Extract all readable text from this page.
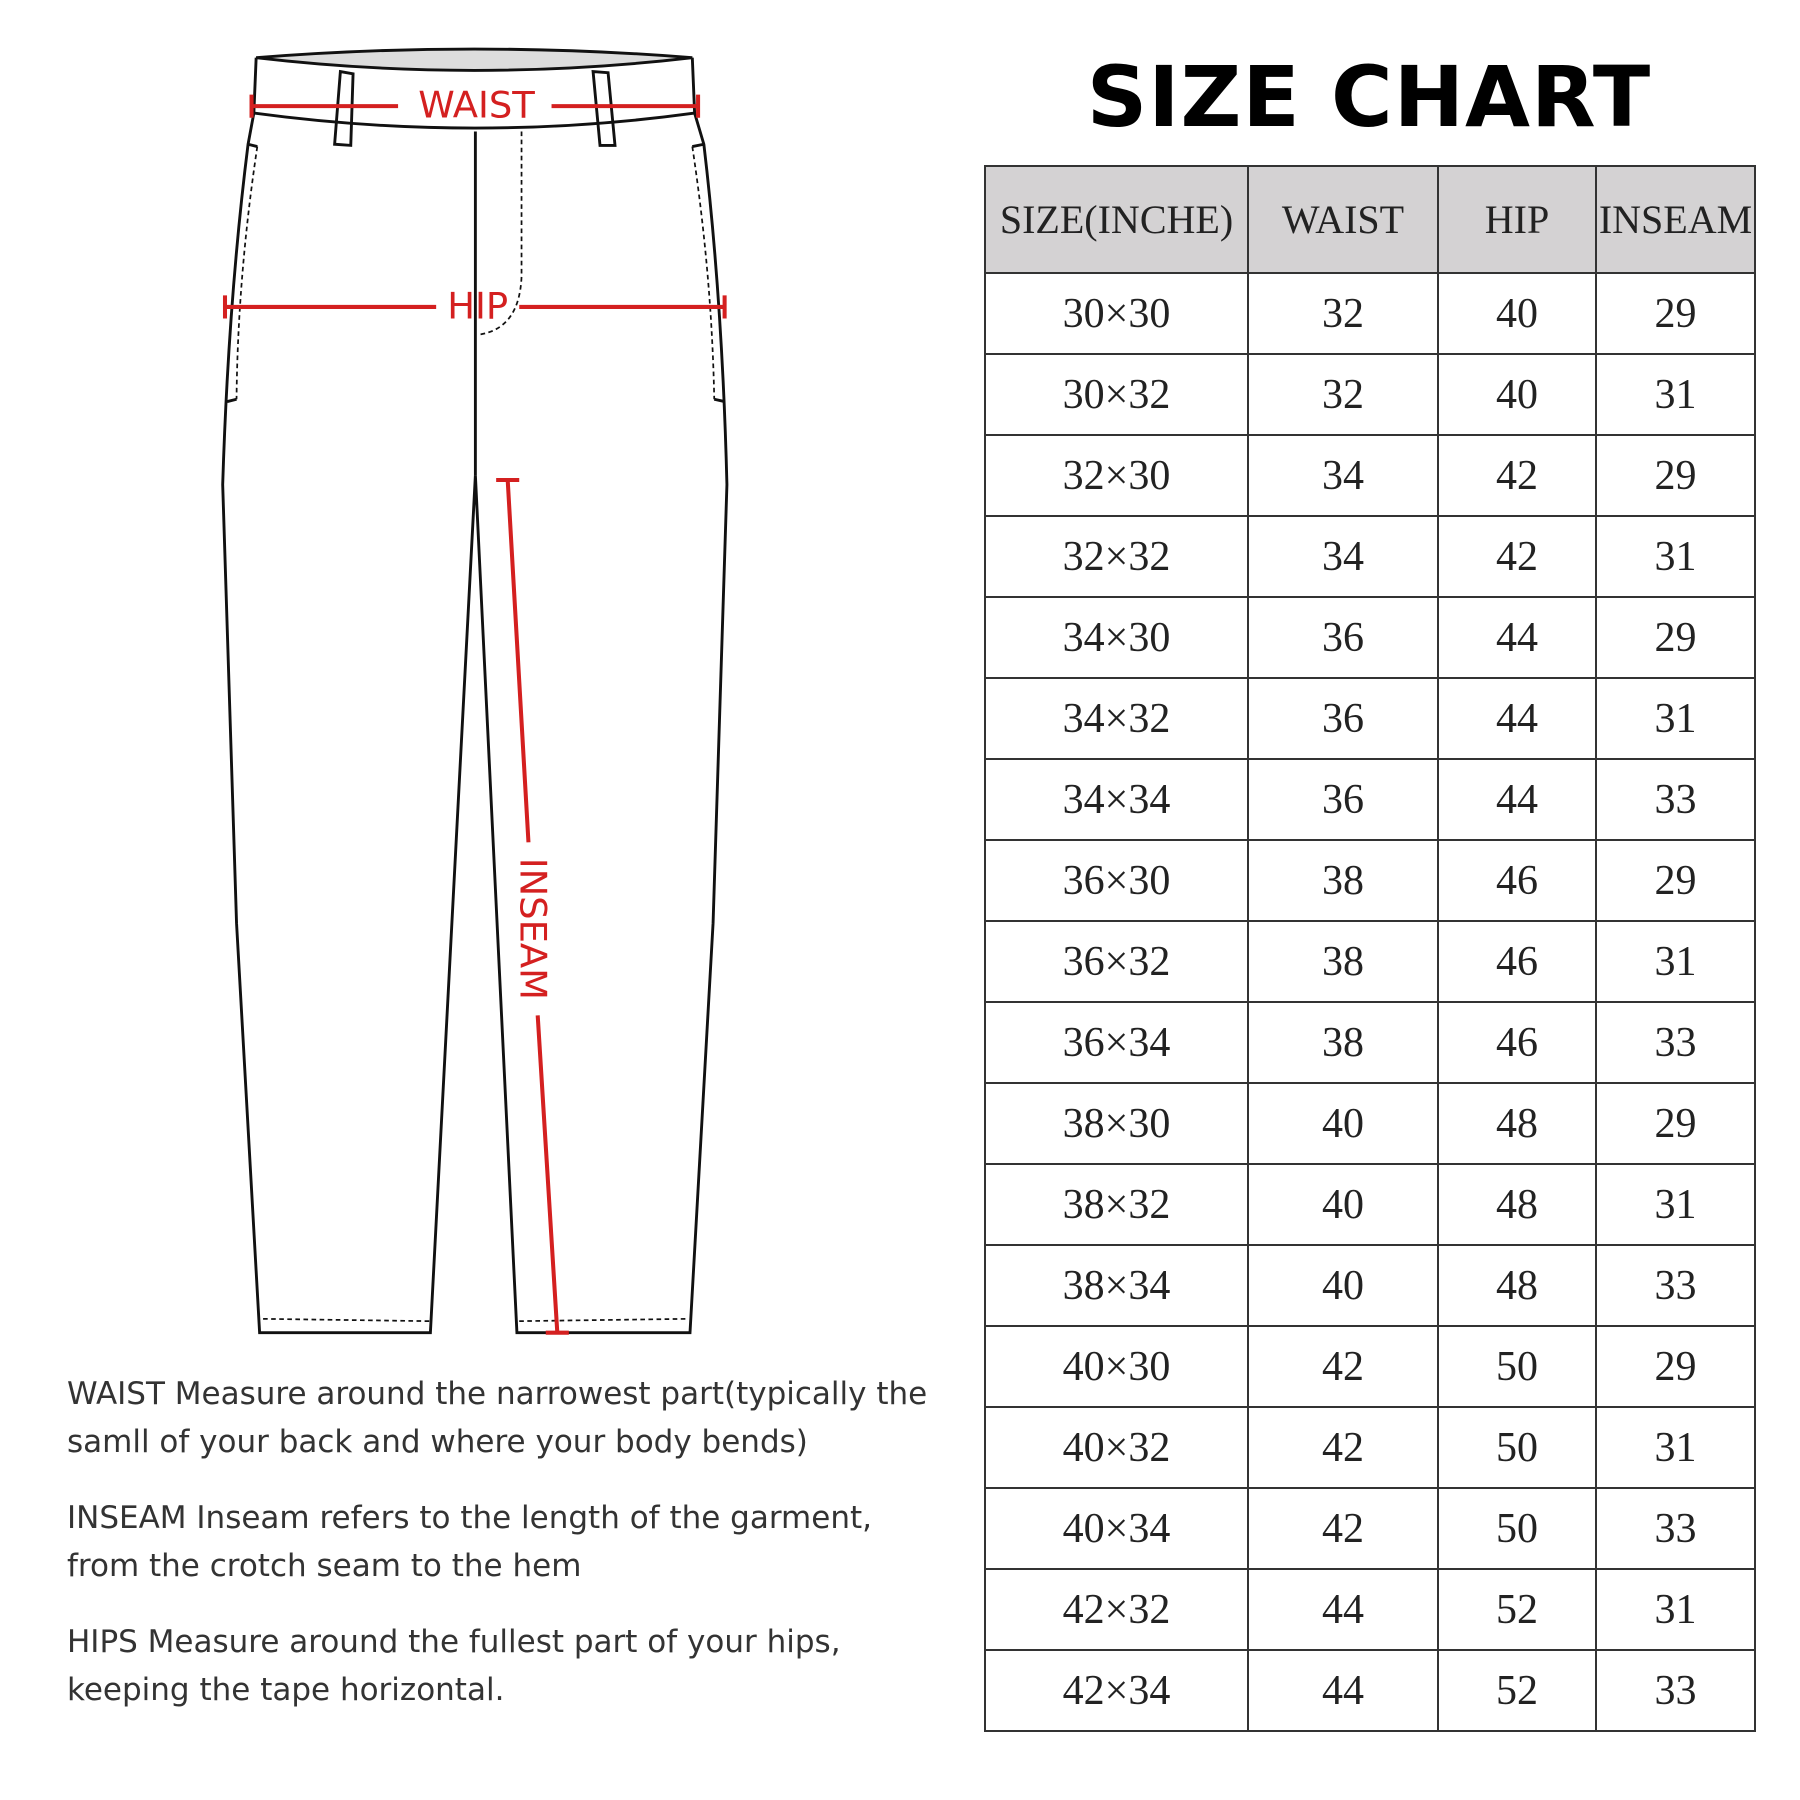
WAIST
HIP
INSEAM
SIZE CHART
SIZE(INCHE)	WAIST	HIP	INSEAM
30×30	32	40	29
30×32	32	40	31
32×30	34	42	29
32×32	34	42	31
34×30	36	44	29
34×32	36	44	31
34×34	36	44	33
36×30	38	46	29
36×32	38	46	31
36×34	38	46	33
38×30	40	48	29
38×32	40	48	31
38×34	40	48	33
40×30	42	50	29
40×32	42	50	31
40×34	42	50	33
42×32	44	52	31
42×34	44	52	33

WAIST Measure around the narrowest part(typically the samll of your back and where your body bends)

INSEAM Inseam refers to the length of the garment, from the crotch seam to the hem

HIPS Measure around the fullest part of your hips, keeping the tape horizontal.
